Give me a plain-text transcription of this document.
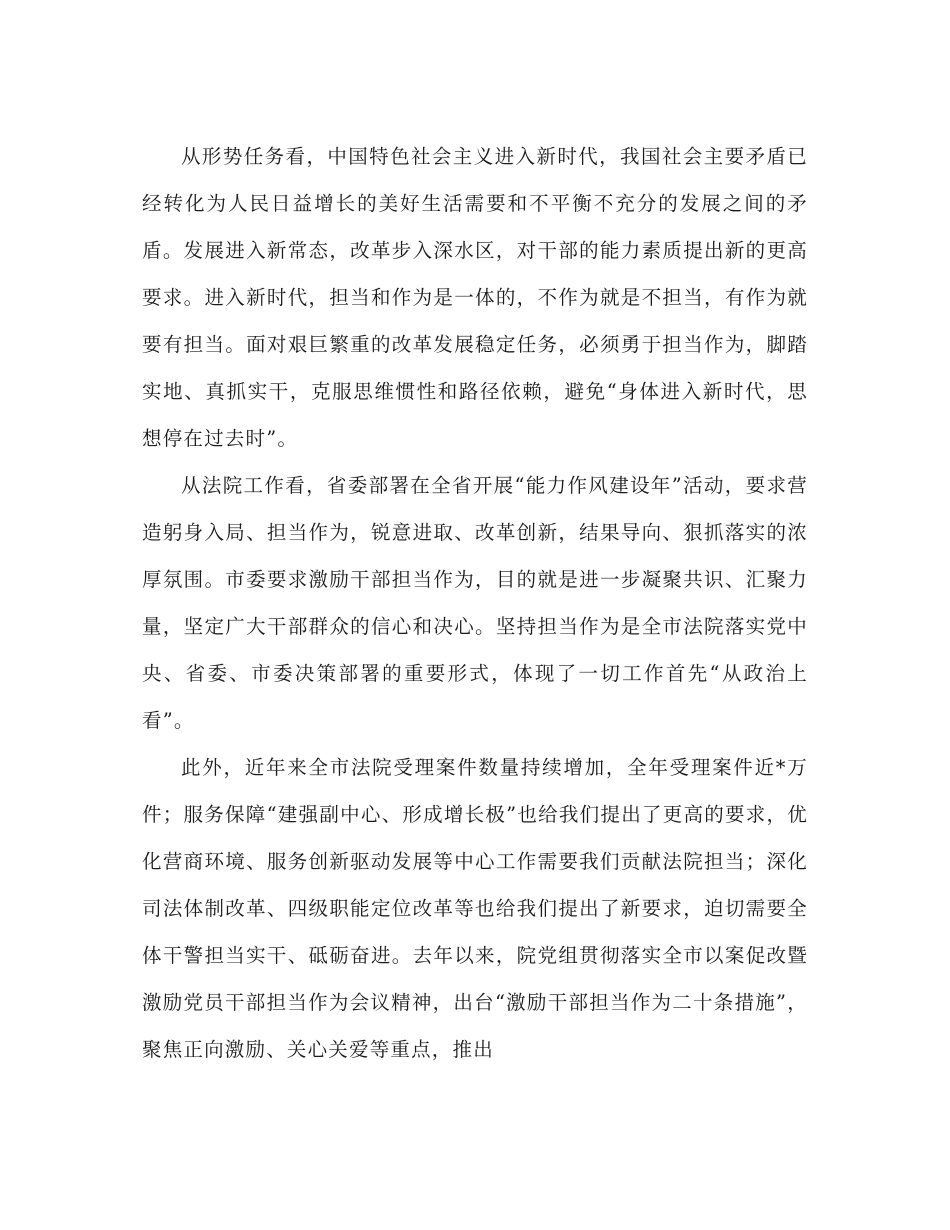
从形势任务看，中国特色社会主义进入新时代，我国社会主要矛盾已经转化为人民日益增长的美好生活需要和不平衡不充分的发展之间的矛盾。发展进入新常态，改革步入深水区，对干部的能力素质提出新的更高要求。进入新时代，担当和作为是一体的，不作为就是不担当，有作为就要有担当。面对艰巨繁重的改革发展稳定任务，必须勇于担当作为，脚踏实地、真抓实干，克服思维惯性和路径依赖，避免“身体进入新时代，思想停在过去时”。

从法院工作看，省委部署在全省开展“能力作风建设年”活动，要求营造躬身入局、担当作为，锐意进取、改革创新，结果导向、狠抓落实的浓厚氛围。市委要求激励干部担当作为，目的就是进一步凝聚共识、汇聚力量，坚定广大干部群众的信心和决心。坚持担当作为是全市法院落实党中央、省委、市委决策部署的重要形式，体现了一切工作首先“从政治上看”。

此外，近年来全市法院受理案件数量持续增加，全年受理案件近*万件；服务保障“建强副中心、形成增长极”也给我们提出了更高的要求，优化营商环境、服务创新驱动发展等中心工作需要我们贡献法院担当；深化司法体制改革、四级职能定位改革等也给我们提出了新要求，迫切需要全体干警担当实干、砥砺奋进。去年以来，院党组贯彻落实全市以案促改暨激励党员干部担当作为会议精神，出台“激励干部担当作为二十条措施”，聚焦正向激励、关心关爱等重点，推出
